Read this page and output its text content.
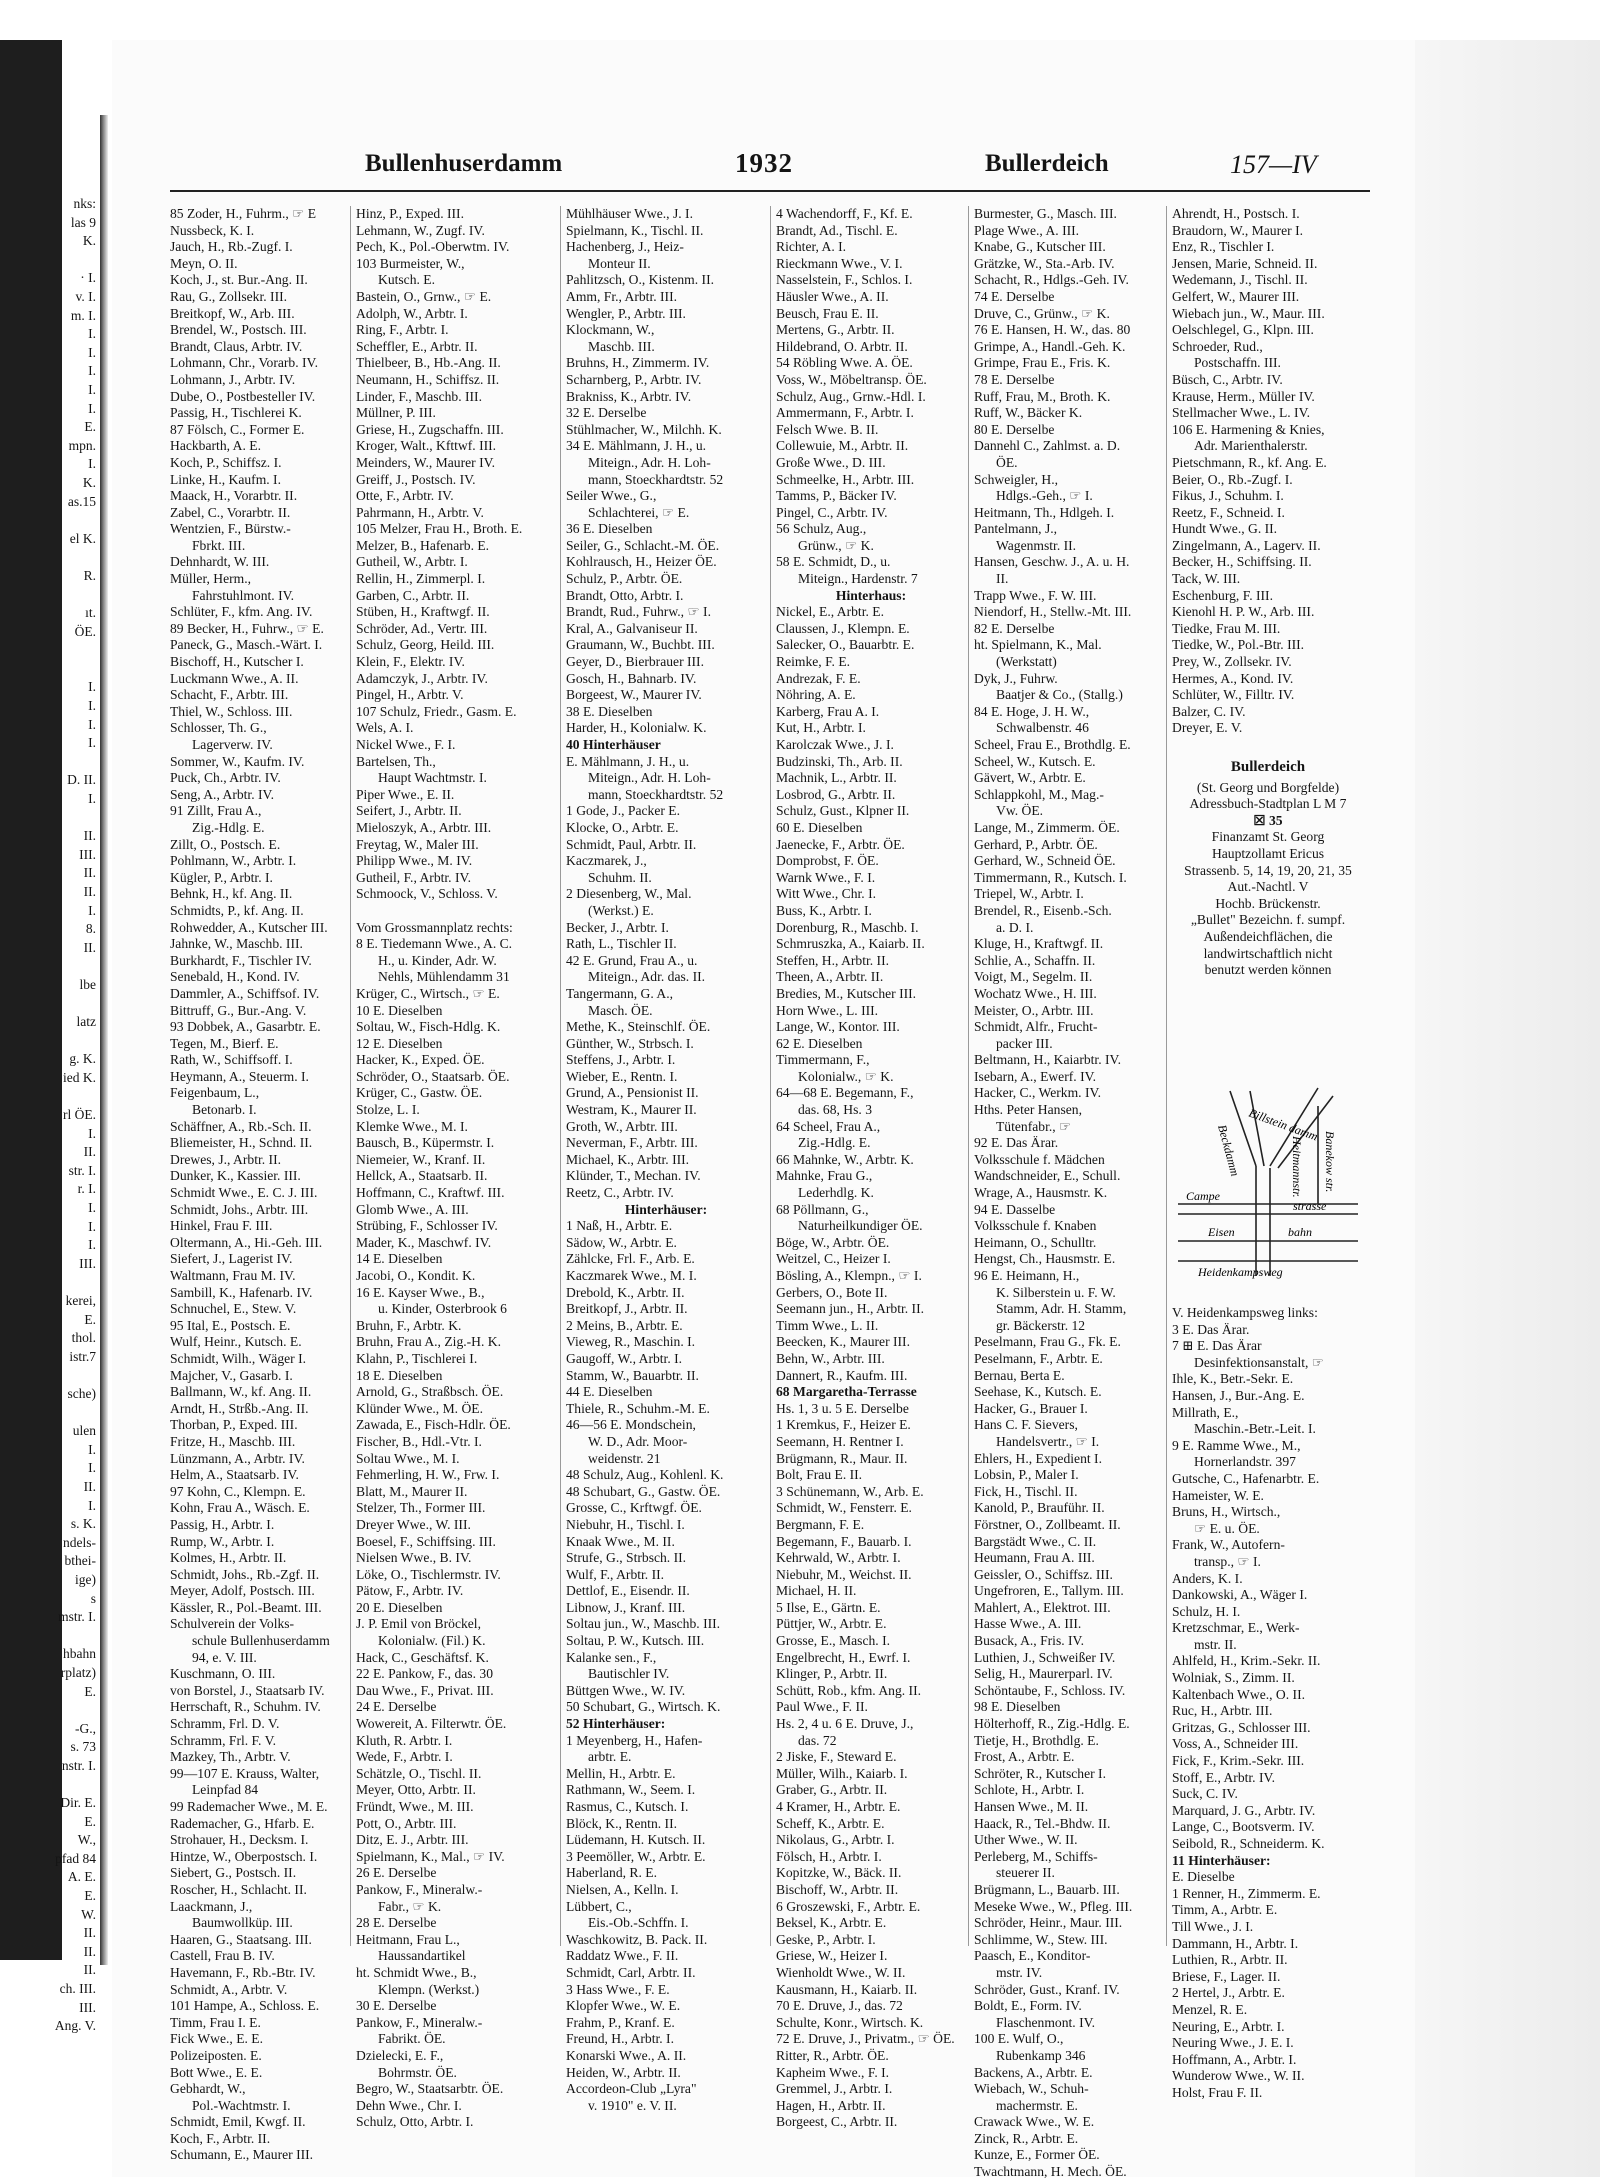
nks:
las 9
K.
· I.
v. I.
m. I.
I.
I.
I.
I.
I.
E.
mpn.
I.
K.
as.15
el K.
R.
ıt.
ÖE.
I.
I.
I.
I.
D. II.
I.
II.
III.
II.
II.
I.
8.
II.
lbe
latz
g. K.
ied K.
rl ÖE.
I.
II.
str. I.
r. I.
I.
I.
I.
III.
kerei,
E.
thol.
istr.7
sche)
ulen
I.
I.
II.
I.
s. K.
ndels-
bthei-
ige)
s
mstr. I.
hbahn
rplatz)
E.
-G.,
s. 73
nstr. I.
Dir. E.
E.
W.,
pfad 84
A. E.
E.
W.
II.
II.
II.
ch. III.
III.
Ang. V.
Bullenhuserdamm	1932	Bullerdeich	157—IV
85 Zoder, H., Fuhrm., ☞ E
Nussbeck, K. I.
Jauch, H., Rb.-Zugf. I.
Meyn, O. II.
Koch, J., st. Bur.-Ang. II.
Rau, G., Zollsekr. III.
Breitkopf, W., Arb. III.
Brendel, W., Postsch. III.
Brandt, Claus, Arbtr. IV.
Lohmann, Chr., Vorarb. IV.
Lohmann, J., Arbtr. IV.
Dube, O., Postbesteller IV.
Passig, H., Tischlerei K.
87 Fölsch, C., Former E.
Hackbarth, A. E.
Koch, P., Schiffsz. I.
Linke, H., Kaufm. I.
Maack, H., Vorarbtr. II.
Zabel, C., Vorarbtr. II.
Wentzien, F., Bürstw.-
Fbrkt. III.
Dehnhardt, W. III.
Müller, Herm.,
Fahrstuhlmont. IV.
Schlüter, F., kfm. Ang. IV.
89 Becker, H., Fuhrw., ☞ E.
Paneck, G., Masch.-Wärt. I.
Bischoff, H., Kutscher I.
Luckmann Wwe., A. II.
Schacht, F., Arbtr. III.
Thiel, W., Schloss. III.
Schlosser, Th. G.,
Lagerverw. IV.
Sommer, W., Kaufm. IV.
Puck, Ch., Arbtr. IV.
Seng, A., Arbtr. IV.
91 Zillt, Frau A.,
Zig.-Hdlg. E.
Zillt, O., Postsch. E.
Pohlmann, W., Arbtr. I.
Kügler, P., Arbtr. I.
Behnk, H., kf. Ang. II.
Schmidts, P., kf. Ang. II.
Rohwedder, A., Kutscher III.
Jahnke, W., Maschb. III.
Burkhardt, F., Tischler IV.
Senebald, H., Kond. IV.
Dammler, A., Schiffsof. IV.
Bittruff, G., Bur.-Ang. V.
93 Dobbek, A., Gasarbtr. E.
Tegen, M., Bierf. E.
Rath, W., Schiffsoff. I.
Heymann, A., Steuerm. I.
Feigenbaum, L.,
Betonarb. I.
Schäffner, A., Rb.-Sch. II.
Bliemeister, H., Schnd. II.
Drewes, J., Arbtr. II.
Dunker, K., Kassier. III.
Schmidt Wwe., E. C. J. III.
Schmidt, Johs., Arbtr. III.
Hinkel, Frau F. III.
Oltermann, A., Hi.-Geh. III.
Siefert, J., Lagerist IV.
Waltmann, Frau M. IV.
Sambill, K., Hafenarb. IV.
Schnuchel, E., Stew. V.
95 Ital, E., Postsch. E.
Wulf, Heinr., Kutsch. E.
Schmidt, Wilh., Wäger I.
Majcher, V., Gasarb. I.
Ballmann, W., kf. Ang. II.
Arndt, H., Strßb.-Ang. II.
Thorban, P., Exped. III.
Fritze, H., Maschb. III.
Lünzmann, A., Arbtr. IV.
Helm, A., Staatsarb. IV.
97 Kohn, C., Klempn. E.
Kohn, Frau A., Wäsch. E.
Passig, H., Arbtr. I.
Rump, W., Arbtr. I.
Kolmes, H., Arbtr. II.
Schmidt, Johs., Rb.-Zgf. II.
Meyer, Adolf, Postsch. III.
Kässler, R., Pol.-Beamt. III.
Schulverein der Volks-
schule Bullenhuserdamm
94, e. V. III.
Kuschmann, O. III.
von Borstel, J., Staatsarb IV.
Herrschaft, R., Schuhm. IV.
Schramm, Frl. D. V.
Schramm, Frl. F. V.
Mazkey, Th., Arbtr. V.
99—107 E. Krauss, Walter,
Leinpfad 84
99 Rademacher Wwe., M. E.
Rademacher, G., Hfarb. E.
Strohauer, H., Decksm. I.
Hintze, W., Oberpostsch. I.
Siebert, G., Postsch. II.
Roscher, H., Schlacht. II.
Laackmann, J.,
Baumwollküp. III.
Haaren, G., Staatsang. III.
Castell, Frau B. IV.
Havemann, F., Rb.-Btr. IV.
Schmidt, A., Arbtr. V.
101 Hampe, A., Schloss. E.
Timm, Frau I. E.
Fick Wwe., E. E.
Polizeiposten. E.
Bott Wwe., E. E.
Gebhardt, W.,
Pol.-Wachtmstr. I.
Schmidt, Emil, Kwgf. II.
Koch, F., Arbtr. II.
Schumann, E., Maurer III.
Hinz, P., Exped. III.
Lehmann, W., Zugf. IV.
Pech, K., Pol.-Oberwtm. IV.
103 Burmeister, W.,
Kutsch. E.
Bastein, O., Grnw., ☞ E.
Adolph, W., Arbtr. I.
Ring, F., Arbtr. I.
Scheffler, E., Arbtr. II.
Thielbeer, B., Hb.-Ang. II.
Neumann, H., Schiffsz. II.
Linder, F., Maschb. III.
Müllner, P. III.
Griese, H., Zugschaffn. III.
Kroger, Walt., Kfttwf. III.
Meinders, W., Maurer IV.
Greiff, J., Postsch. IV.
Otte, F., Arbtr. IV.
Pahrmann, H., Arbtr. V.
105 Melzer, Frau H., Broth. E.
Melzer, B., Hafenarb. E.
Gutheil, W., Arbtr. I.
Rellin, H., Zimmerpl. I.
Garben, C., Arbtr. II.
Stüben, H., Kraftwgf. II.
Schröder, Ad., Vertr. III.
Schulz, Georg, Heild. III.
Klein, F., Elektr. IV.
Adamczyk, J., Arbtr. IV.
Pingel, H., Arbtr. V.
107 Schulz, Friedr., Gasm. E.
Wels, A. I.
Nickel Wwe., F. I.
Bartelsen, Th.,
Haupt Wachtmstr. I.
Piper Wwe., E. II.
Seifert, J., Arbtr. II.
Mieloszyk, A., Arbtr. III.
Freytag, W., Maler III.
Philipp Wwe., M. IV.
Gutheil, F., Arbtr. IV.
Schmoock, V., Schloss. V.
Vom Grossmannplatz rechts:
8 E. Tiedemann Wwe., A. C.
H., u. Kinder, Adr. W.
Nehls, Mühlendamm 31
Krüger, C., Wirtsch., ☞ E.
10 E. Dieselben
Soltau, W., Fisch-Hdlg. K.
12 E. Dieselben
Hacker, K., Exped. ÖE.
Schröder, O., Staatsarb. ÖE.
Krüger, C., Gastw. ÖE.
Stolze, L. I.
Klemke Wwe., M. I.
Bausch, B., Küpermstr. I.
Niemeier, W., Kranf. II.
Hellck, A., Staatsarb. II.
Hoffmann, C., Kraftwf. III.
Glomb Wwe., A. III.
Strübing, F., Schlosser IV.
Mader, K., Maschwf. IV.
14 E. Dieselben
Jacobi, O., Kondit. K.
16 E. Kayser Wwe., B.,
u. Kinder, Osterbrook 6
Bruhn, F., Arbtr. K.
Bruhn, Frau A., Zig.-H. K.
Klahn, P., Tischlerei I.
18 E. Dieselben
Arnold, G., Straßbsch. ÖE.
Klünder Wwe., M. ÖE.
Zawada, E., Fisch-Hdlr. ÖE.
Fischer, B., Hdl.-Vtr. I.
Soltau Wwe., M. I.
Fehmerling, H. W., Frw. I.
Blatt, M., Maurer II.
Stelzer, Th., Former III.
Dreyer Wwe., W. III.
Boesel, F., Schiffsing. III.
Nielsen Wwe., B. IV.
Löke, O., Tischlermstr. IV.
Pätow, F., Arbtr. IV.
20 E. Dieselben
J. P. Emil von Bröckel,
Kolonialw. (Fil.) K.
Hack, C., Geschäftsf. K.
22 E. Pankow, F., das. 30
Dau Wwe., F., Privat. III.
24 E. Derselbe
Wowereit, A. Filterwtr. ÖE.
Kluth, R. Arbtr. I.
Wede, F., Arbtr. I.
Schätzle, O., Tischl. II.
Meyer, Otto, Arbtr. II.
Fründt, Wwe., M. III.
Pott, O., Arbtr. III.
Ditz, E. J., Arbtr. III.
Spielmann, K., Mal., ☞ IV.
26 E. Derselbe
Pankow, F., Mineralw.-
Fabr., ☞ K.
28 E. Derselbe
Heitmann, Frau L.,
Haussandartikel
ht. Schmidt Wwe., B.,
Klempn. (Werkst.)
30 E. Derselbe
Pankow, F., Mineralw.-
Fabrikt. ÖE.
Dzielecki, E. F.,
Bohrmstr. ÖE.
Begro, W., Staatsarbtr. ÖE.
Dehn Wwe., Chr. I.
Schulz, Otto, Arbtr. I.
Mühlhäuser Wwe., J. I.
Spielmann, K., Tischl. II.
Hachenberg, J., Heiz-
Monteur II.
Pahlitzsch, O., Kistenm. II.
Amm, Fr., Arbtr. III.
Wengler, P., Arbtr. III.
Klockmann, W.,
Maschb. III.
Bruhns, H., Zimmerm. IV.
Scharnberg, P., Arbtr. IV.
Brakniss, K., Arbtr. IV.
32 E. Derselbe
Stühlmacher, W., Milchh. K.
34 E. Mählmann, J. H., u.
Miteign., Adr. H. Loh-
mann, Stoeckhardtstr. 52
Seiler Wwe., G.,
Schlachterei, ☞ E.
36 E. Dieselben
Seiler, G., Schlacht.-M. ÖE.
Kohlrausch, H., Heizer ÖE.
Schulz, P., Arbtr. ÖE.
Brandt, Otto, Arbtr. I.
Brandt, Rud., Fuhrw., ☞ I.
Kral, A., Galvaniseur II.
Graumann, W., Buchbt. III.
Geyer, D., Bierbrauer III.
Gosch, H., Bahnarb. IV.
Borgeest, W., Maurer IV.
38 E. Dieselben
Harder, H., Kolonialw. K.
40 Hinterhäuser
E. Mählmann, J. H., u.
Miteign., Adr. H. Loh-
mann, Stoeckhardtstr. 52
1 Gode, J., Packer E.
Klocke, O., Arbtr. E.
Schmidt, Paul, Arbtr. II.
Kaczmarek, J.,
Schuhm. II.
2 Diesenberg, W., Mal.
(Werkst.) E.
Becker, J., Arbtr. I.
Rath, L., Tischler II.
42 E. Grund, Frau A., u.
Miteign., Adr. das. II.
Tangermann, G. A.,
Masch. ÖE.
Methe, K., Steinschlf. ÖE.
Günther, W., Strbsch. I.
Steffens, J., Arbtr. I.
Wieber, E., Rentn. I.
Grund, A., Pensionist II.
Westram, K., Maurer II.
Groth, W., Arbtr. III.
Neverman, F., Arbtr. III.
Michael, K., Arbtr. III.
Klünder, T., Mechan. IV.
Reetz, C., Arbtr. IV.
Hinterhäuser:
1 Naß, H., Arbtr. E.
Sädow, W., Arbtr. E.
Zählcke, Frl. F., Arb. E.
Kaczmarek Wwe., M. I.
Drebold, K., Arbtr. II.
Breitkopf, J., Arbtr. II.
2 Meins, B., Arbtr. E.
Vieweg, R., Maschin. I.
Gaugoff, W., Arbtr. I.
Stamm, W., Bauarbtr. II.
44 E. Dieselben
Thiele, R., Schuhm.-M. E.
46—56 E. Mondschein,
W. D., Adr. Moor-
weidenstr. 21
48 Schulz, Aug., Kohlenl. K.
48 Schubart, G., Gastw. ÖE.
Grosse, C., Krftwgf. ÖE.
Niebuhr, H., Tischl. I.
Knaak Wwe., M. II.
Strufe, G., Strbsch. II.
Wulf, F., Arbtr. II.
Dettlof, E., Eisendr. II.
Libnow, J., Kranf. III.
Soltau jun., W., Maschb. III.
Soltau, P. W., Kutsch. III.
Kalanke sen., F.,
Bautischler IV.
Büttgen Wwe., W. IV.
50 Schubart, G., Wirtsch. K.
52 Hinterhäuser:
1 Meyenberg, H., Hafen-
arbtr. E.
Mellin, H., Arbtr. E.
Rathmann, W., Seem. I.
Rasmus, C., Kutsch. I.
Blöck, K., Rentn. II.
Lüdemann, H. Kutsch. II.
3 Peemöller, W., Arbtr. E.
Haberland, R. E.
Nielsen, A., Kelln. I.
Lübbert, C.,
Eis.-Ob.-Schffn. I.
Waschkowitz, B. Pack. II.
Raddatz Wwe., F. II.
Schmidt, Carl, Arbtr. II.
3 Hass Wwe., F. E.
Klopfer Wwe., W. E.
Frahm, P., Kranf. E.
Freund, H., Arbtr. I.
Konarski Wwe., A. II.
Heiden, W., Arbtr. II.
Accordeon-Club „Lyra"
v. 1910" e. V. II.
4 Wachendorff, F., Kf. E.
Brandt, Ad., Tischl. E.
Richter, A. I.
Rieckmann Wwe., V. I.
Nasselstein, F., Schlos. I.
Häusler Wwe., A. II.
Beusch, Frau E. II.
Mertens, G., Arbtr. II.
Hildebrand, O. Arbtr. II.
54 Röbling Wwe. A. ÖE.
Voss, W., Möbeltransp. ÖE.
Schulz, Aug., Grnw.-Hdl. I.
Ammermann, F., Arbtr. I.
Felsch Wwe. B. II.
Collewuie, M., Arbtr. II.
Große Wwe., D. III.
Schmeelke, H., Arbtr. III.
Tamms, P., Bäcker IV.
Pingel, C., Arbtr. IV.
56 Schulz, Aug.,
Grünw., ☞ K.
58 E. Schmidt, D., u.
Miteign., Hardenstr. 7
Hinterhaus:
Nickel, E., Arbtr. E.
Claussen, J., Klempn. E.
Salecker, O., Bauarbtr. E.
Reimke, F. E.
Andrezak, F. E.
Nöhring, A. E.
Karberg, Frau A. I.
Kut, H., Arbtr. I.
Karolczak Wwe., J. I.
Budzinski, Th., Arb. II.
Machnik, L., Arbtr. II.
Losbrod, G., Arbtr. II.
Schulz, Gust., Klpner II.
60 E. Dieselben
Jaenecke, F., Arbtr. ÖE.
Domprobst, F. ÖE.
Warnk Wwe., F. I.
Witt Wwe., Chr. I.
Buss, K., Arbtr. I.
Dorenburg, R., Maschb. I.
Schmruszka, A., Kaiarb. II.
Steffen, H., Arbtr. II.
Theen, A., Arbtr. II.
Bredies, M., Kutscher III.
Horn Wwe., L. III.
Lange, W., Kontor. III.
62 E. Dieselben
Timmermann, F.,
Kolonialw., ☞ K.
64—68 E. Begemann, F.,
das. 68, Hs. 3
64 Scheel, Frau A.,
Zig.-Hdlg. E.
66 Mahnke, W., Arbtr. K.
Mahnke, Frau G.,
Lederhdlg. K.
68 Pöllmann, G.,
Naturheilkundiger ÖE.
Böge, W., Arbtr. ÖE.
Weitzel, C., Heizer I.
Bösling, A., Klempn., ☞ I.
Gerbers, O., Bote II.
Seemann jun., H., Arbtr. II.
Timm Wwe., L. II.
Beecken, K., Maurer III.
Behn, W., Arbtr. III.
Dannert, R., Kaufm. III.
68 Margaretha-Terrasse
Hs. 1, 3 u. 5 E. Derselbe
1 Kremkus, F., Heizer E.
Seemann, H. Rentner I.
Brügmann, R., Maur. II.
Bolt, Frau E. II.
3 Schünemann, W., Arb. E.
Schmidt, W., Fensterr. E.
Bergmann, F. E.
Begemann, F., Bauarb. I.
Kehrwald, W., Arbtr. I.
Niebuhr, M., Weichst. II.
Michael, H. II.
5 Ilse, E., Gärtn. E.
Püttjer, W., Arbtr. E.
Grosse, E., Masch. I.
Engelbrecht, H., Ewrf. I.
Klinger, P., Arbtr. II.
Schütt, Rob., kfm. Ang. II.
Paul Wwe., F. II.
Hs. 2, 4 u. 6 E. Druve, J.,
das. 72
2 Jiske, F., Steward E.
Müller, Wilh., Kaiarb. I.
Graber, G., Arbtr. II.
4 Kramer, H., Arbtr. E.
Scheff, K., Arbtr. E.
Nikolaus, G., Arbtr. I.
Fölsch, H., Arbtr. I.
Kopitzke, W., Bäck. II.
Bischoff, W., Arbtr. II.
6 Groszewski, F., Arbtr. E.
Beksel, K., Arbtr. E.
Geske, P., Arbtr. I.
Griese, W., Heizer I.
Wienholdt Wwe., W. II.
Kausmann, H., Kaiarb. II.
70 E. Druve, J., das. 72
Schulte, Konr., Wirtsch. K.
72 E. Druve, J., Privatm., ☞ ÖE.
Ritter, R., Arbtr. ÖE.
Kapheim Wwe., F. I.
Gremmel, J., Arbtr. I.
Hagen, H., Arbtr. II.
Borgeest, C., Arbtr. II.
Burmester, G., Masch. III.
Plage Wwe., A. III.
Knabe, G., Kutscher III.
Grätzke, W., Sta.-Arb. IV.
Schacht, R., Hdlgs.-Geh. IV.
74 E. Derselbe
Druve, C., Grünw., ☞ K.
76 E. Hansen, H. W., das. 80
Grimpe, A., Handl.-Geh. K.
Grimpe, Frau E., Fris. K.
78 E. Derselbe
Ruff, Frau, M., Broth. K.
Ruff, W., Bäcker K.
80 E. Derselbe
Dannehl C., Zahlmst. a. D.
ÖE.
Schweigler, H.,
Hdlgs.-Geh., ☞ I.
Heitmann, Th., Hdlgeh. I.
Pantelmann, J.,
Wagenmstr. II.
Hansen, Geschw. J., A. u. H.
II.
Trapp Wwe., F. W. III.
Niendorf, H., Stellw.-Mt. III.
82 E. Derselbe
ht. Spielmann, K., Mal.
(Werkstatt)
Dyk, J., Fuhrw.
Baatjer & Co., (Stallg.)
84 E. Hoge, J. H. W.,
Schwalbenstr. 46
Scheel, Frau E., Brothdlg. E.
Scheel, W., Kutsch. E.
Gävert, W., Arbtr. E.
Schlappkohl, M., Mag.-
Vw. ÖE.
Lange, M., Zimmerm. ÖE.
Gerhard, P., Arbtr. ÖE.
Gerhard, W., Schneid ÖE.
Timmermann, R., Kutsch. I.
Triepel, W., Arbtr. I.
Brendel, R., Eisenb.-Sch.
a. D. I.
Kluge, H., Kraftwgf. II.
Schlie, A., Schaffn. II.
Voigt, M., Segelm. II.
Wochatz Wwe., H. III.
Meister, O., Arbtr. III.
Schmidt, Alfr., Frucht-
packer III.
Beltmann, H., Kaiarbtr. IV.
Isebarn, A., Ewerf. IV.
Hacker, C., Werkm. IV.
Hths. Peter Hansen,
Tütenfabr., ☞
92 E. Das Ärar.
Volksschule f. Mädchen
Wandschneider, E., Schull.
Wrage, A., Hausmstr. K.
94 E. Dasselbe
Volksschule f. Knaben
Heimann, O., Schulltr.
Hengst, Ch., Hausmstr. E.
96 E. Heimann, H.,
K. Silberstein u. F. W.
Stamm, Adr. H. Stamm,
gr. Bäckerstr. 12
Peselmann, Frau G., Fk. E.
Peselmann, F., Arbtr. E.
Bernau, Berta E.
Seehase, K., Kutsch. E.
Hacker, G., Brauer I.
Hans C. F. Sievers,
Handelsvertr., ☞ I.
Ehlers, H., Expedient I.
Lobsin, P., Maler I.
Fick, H., Tischl. II.
Kanold, P., Brauführ. II.
Förstner, O., Zollbeamt. II.
Bargstädt Wwe., C. II.
Heumann, Frau A. III.
Geissler, O., Schiffsz. III.
Ungefroren, E., Tallym. III.
Mahlert, A., Elektrot. III.
Hasse Wwe., A. III.
Busack, A., Fris. IV.
Luthien, J., Schweißer IV.
Selig, H., Maurerparl. IV.
Schöntaube, F., Schloss. IV.
98 E. Dieselben
Hölterhoff, R., Zig.-Hdlg. E.
Tietje, H., Brothdlg. E.
Frost, A., Arbtr. E.
Schröter, R., Kutscher I.
Schlote, H., Arbtr. I.
Hansen Wwe., M. II.
Haack, R., Tel.-Bhdw. II.
Uther Wwe., W. II.
Perleberg, M., Schiffs-
steuerer II.
Brügmann, L., Bauarb. III.
Meseke Wwe., W., Pfleg. III.
Schröder, Heinr., Maur. III.
Schlimme, W., Stew. III.
Paasch, E., Konditor-
mstr. IV.
Schröder, Gust., Kranf. IV.
Boldt, E., Form. IV.
Flaschenmont. IV.
100 E. Wulf, O.,
Rubenkamp 346
Backens, A., Arbtr. E.
Wiebach, W., Schuh-
machermstr. E.
Crawack Wwe., W. E.
Zinck, R., Arbtr. E.
Kunze, E., Former ÖE.
Twachtmann, H. Mech. ÖE.
Ahrendt, H., Postsch. I.
Braudorn, W., Maurer I.
Enz, R., Tischler I.
Jensen, Marie, Schneid. II.
Wedemann, J., Tischl. II.
Gelfert, W., Maurer III.
Wiebach jun., W., Maur. III.
Oelschlegel, G., Klpn. III.
Schroeder, Rud.,
Postschaffn. III.
Büsch, C., Arbtr. IV.
Krause, Herm., Müller IV.
Stellmacher Wwe., L. IV.
106 E. Harmening & Knies,
Adr. Marienthalerstr.
Pietschmann, R., kf. Ang. E.
Beier, O., Rb.-Zugf. I.
Fikus, J., Schuhm. I.
Reetz, F., Schneid. I.
Hundt Wwe., G. II.
Zingelmann, A., Lagerv. II.
Becker, H., Schiffsing. II.
Tack, W. III.
Eschenburg, F. III.
Kienohl H. P. W., Arb. III.
Tiedke, Frau M. III.
Tiedke, W., Pol.-Btr. III.
Prey, W., Zollsekr. IV.
Hermes, A., Kond. IV.
Schlüter, W., Filltr. IV.
Balzer, C. IV.
Dreyer, E. V.
Bullerdeich
(St. Georg und Borgfelde)
Adressbuch-Stadtplan L M 7
☒ 35
Finanzamt St. Georg
Hauptzollamt Ericus
Strassenb. 5, 14, 19, 20, 21, 35
Aut.-Nachtl. V
Hochb. Brückenstr.
„Bullet" Bezeichn. f. sumpf.
Außendeichflächen, die
landwirtschaftlich nicht
benutzt werden können
V. Heidenkampsweg links:
3 E. Das Ärar.
7 ⊞ E. Das Ärar
Desinfektionsanstalt, ☞
Ihle, K., Betr.-Sekr. E.
Hansen, J., Bur.-Ang. E.
Millrath, E.,
Maschin.-Betr.-Leit. I.
9 E. Ramme Wwe., M.,
Hornerlandstr. 397
Gutsche, C., Hafenarbtr. E.
Hameister, W. E.
Bruns, H., Wirtsch.,
☞ E. u. ÖE.
Frank, W., Autofern-
transp., ☞ I.
Anders, K. I.
Dankowski, A., Wäger I.
Schulz, H. I.
Kretzschmar, E., Werk-
mstr. II.
Ahlfeld, H., Krim.-Sekr. II.
Wolniak, S., Zimm. II.
Kaltenbach Wwe., O. II.
Ruc, H., Arbtr. III.
Gritzas, G., Schlosser III.
Voss, A., Schneider III.
Fick, F., Krim.-Sekr. III.
Stoff, E., Arbtr. IV.
Suck, C. IV.
Marquard, J. G., Arbtr. IV.
Lange, C., Bootsverm. IV.
Seibold, R., Schneiderm. K.
11 Hinterhäuser:
E. Dieselbe
1 Renner, H., Zimmerm. E.
Timm, A., Arbtr. E.
Till Wwe., J. I.
Dammann, H., Arbtr. I.
Luthien, R., Arbtr. II.
Briese, F., Lager. II.
2 Hertel, J., Arbtr. E.
Menzel, R. E.
Neuring, E., Arbtr. I.
Neuring Wwe., J. E. I.
Hoffmann, A., Arbtr. I.
Wunderow Wwe., W. II.
Holst, Frau F. II.
Billstein damm
Beckdamm	Heitmannstr. Banekow str.
Campe
strasse
Eisen	bahn
Heidenkampsweg
